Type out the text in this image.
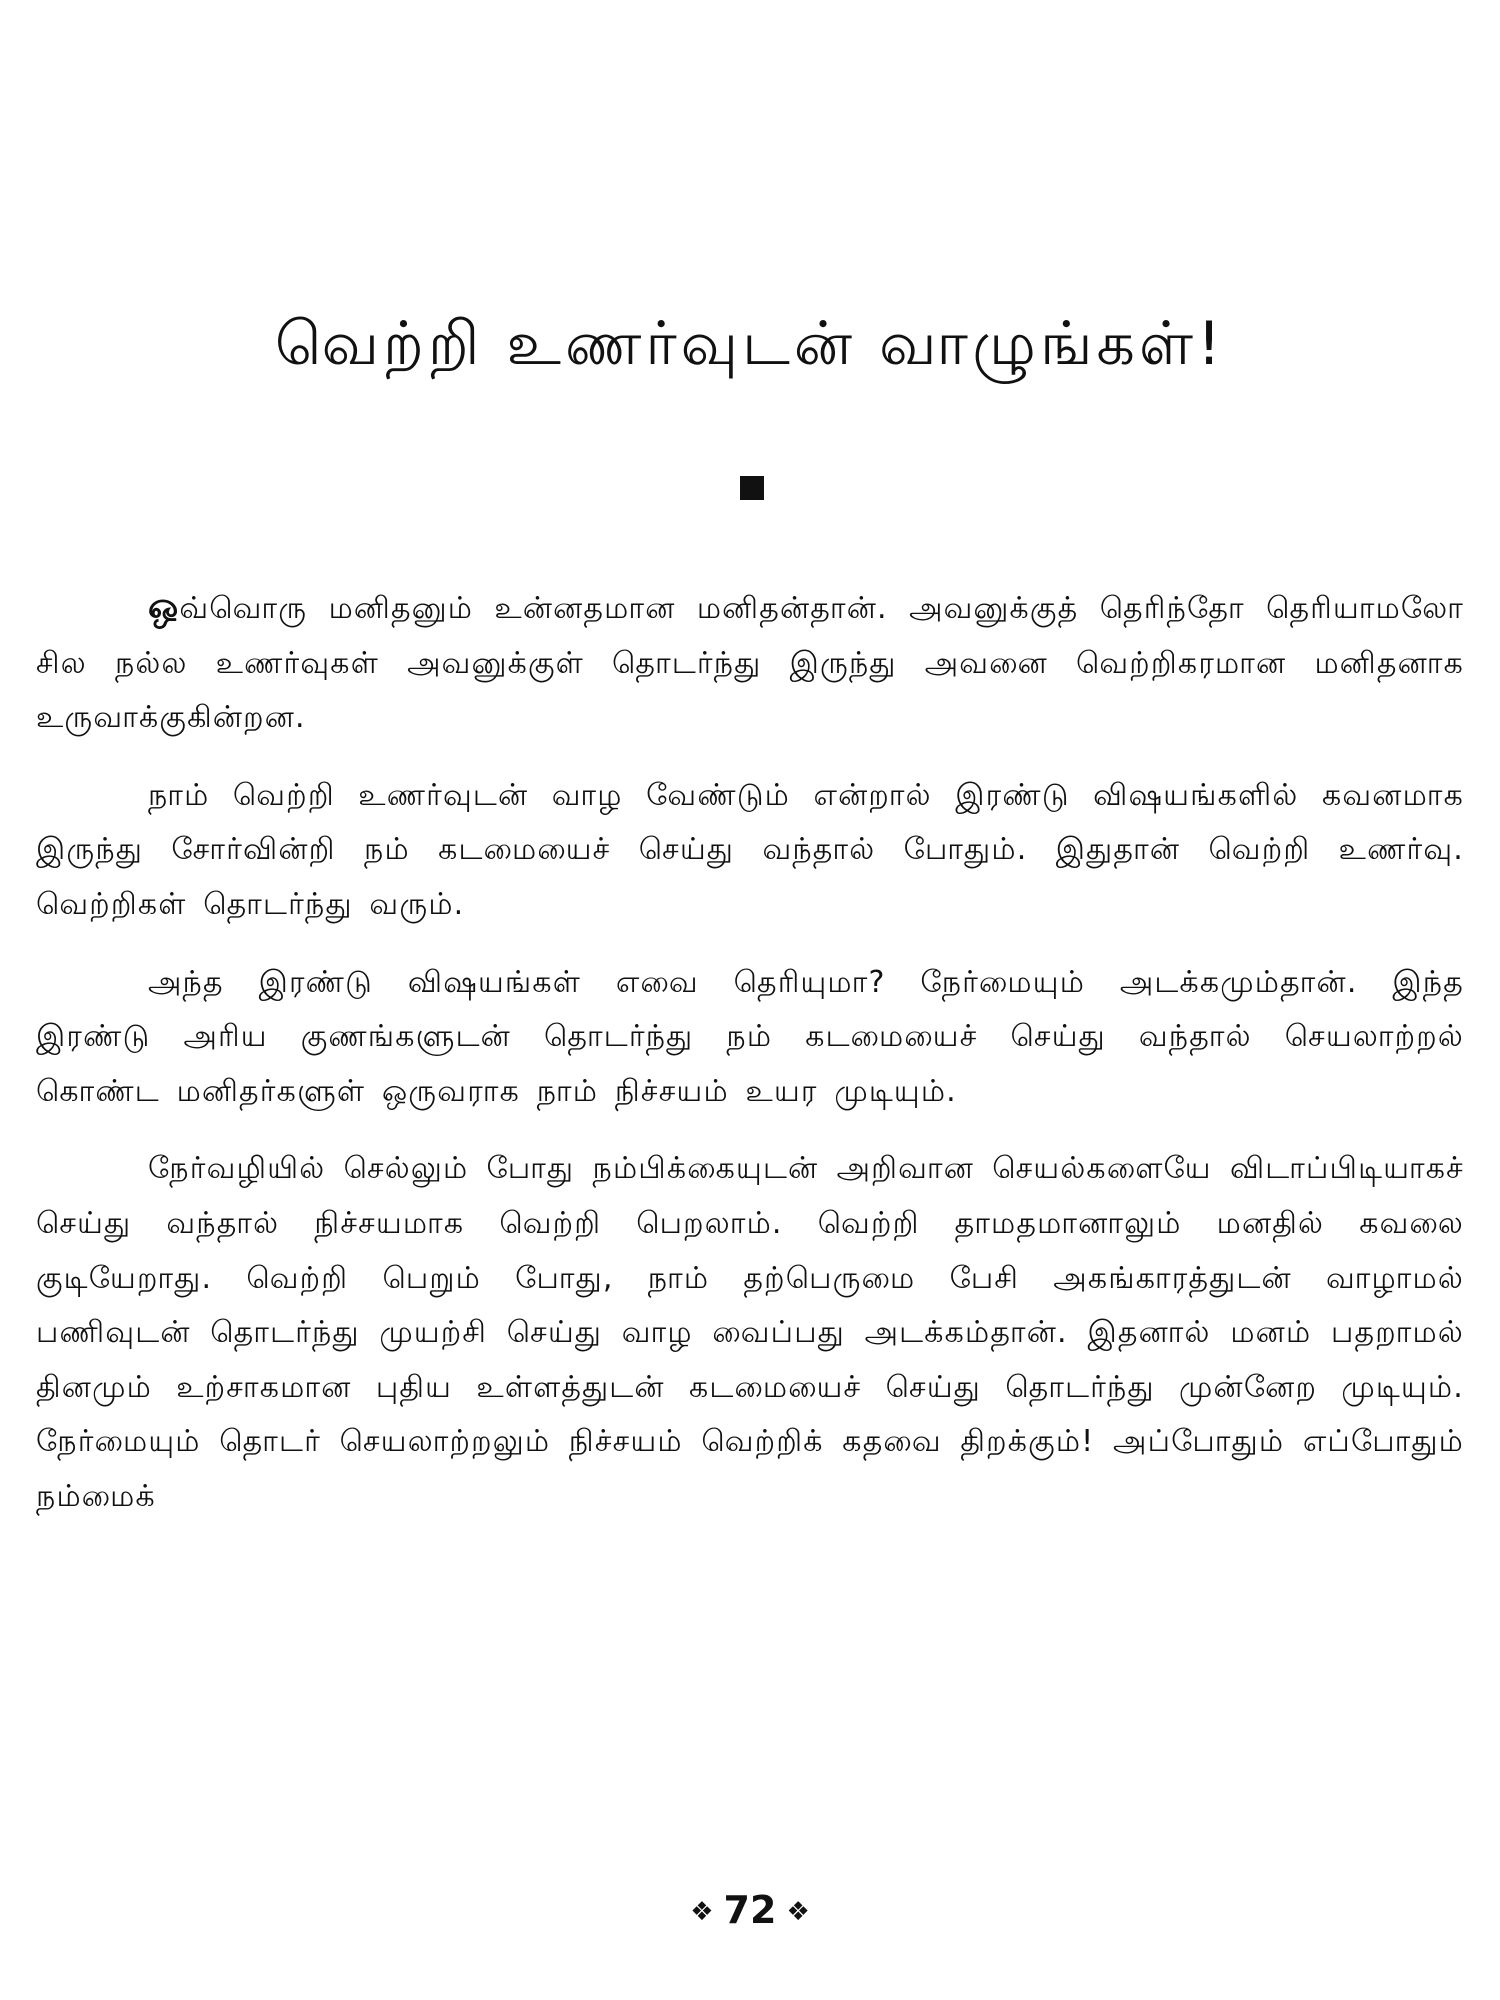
வெற்றி உணர்வுடன் வாழுங்கள்!

ஒவ்வொரு மனிதனும் உன்னதமான மனிதன்தான். அவனுக்குத் தெரிந்தோ தெரியாமலோ சில நல்ல உணர்வுகள் அவனுக்குள் தொடர்ந்து இருந்து அவனை வெற்றிகரமான மனிதனாக உருவாக்குகின்றன.

நாம் வெற்றி உணர்வுடன் வாழ வேண்டும் என்றால் இரண்டு விஷயங்களில் கவனமாக இருந்து சோர்வின்றி நம் கடமையைச் செய்து வந்தால் போதும். இதுதான் வெற்றி உணர்வு. வெற்றிகள் தொடர்ந்து வரும்.

அந்த இரண்டு விஷயங்கள் எவை தெரியுமா? நேர்மையும் அடக்கமும்தான். இந்த இரண்டு அரிய குணங்களுடன் தொடர்ந்து நம் கடமையைச் செய்து வந்தால் செயலாற்றல் கொண்ட மனிதர்களுள் ஒருவராக நாம் நிச்சயம் உயர முடியும்.

நேர்வழியில் செல்லும் போது நம்பிக்கையுடன் அறிவான செயல்களையே விடாப்பிடியாகச் செய்து வந்தால் நிச்சயமாக வெற்றி பெறலாம். வெற்றி தாமதமானாலும் மனதில் கவலை குடியேறாது. வெற்றி பெறும் போது, நாம் தற்பெருமை பேசி அகங்காரத்துடன் வாழாமல் பணிவுடன் தொடர்ந்து முயற்சி செய்து வாழ வைப்பது அடக்கம்தான். இதனால் மனம் பதறாமல் தினமும் உற்சாகமான புதிய உள்ளத்துடன் கடமையைச் செய்து தொடர்ந்து முன்னேற முடியும். நேர்மையும் தொடர் செயலாற்றலும் நிச்சயம் வெற்றிக் கதவை திறக்கும்! அப்போதும் எப்போதும் நம்மைக்

❖ 72 ❖
